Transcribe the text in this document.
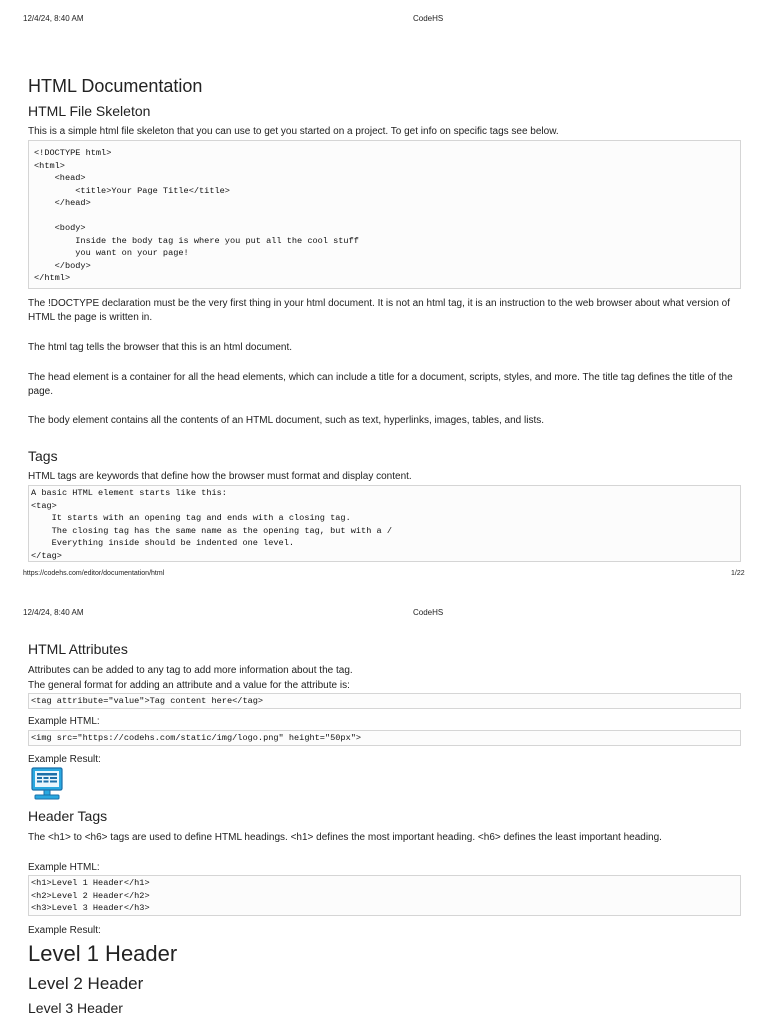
12/4/24, 8:40 AM	CodeHS
HTML Documentation
HTML File Skeleton
This is a simple html file skeleton that you can use to get you started on a project. To get info on specific tags see below.
<!DOCTYPE html>
<html>
<head>
<title>Your Page Title</title>
</head>

<body>
Inside the body tag is where you put all the cool stuff
you want on your page!
</body>
</html>
The !DOCTYPE declaration must be the very first thing in your html document. It is not an html tag, it is an instruction to the web browser about what version of HTML the page is written in.
The html tag tells the browser that this is an html document.
The head element is a container for all the head elements, which can include a title for a document, scripts, styles, and more. The title tag defines the title of the page.
The body element contains all the contents of an HTML document, such as text, hyperlinks, images, tables, and lists.
Tags
HTML tags are keywords that define how the browser must format and display content.
A basic HTML element starts like this:
<tag>
It starts with an opening tag and ends with a closing tag.
The closing tag has the same name as the opening tag, but with a /
Everything inside should be indented one level.
</tag>
https://codehs.com/editor/documentation/html	1/22
12/4/24, 8:40 AM	CodeHS
HTML Attributes
Attributes can be added to any tag to add more information about the tag.
The general format for adding an attribute and a value for the attribute is:
<tag attribute="value">Tag content here</tag>
Example HTML:
<img src="https://codehs.com/static/img/logo.png" height="50px">
Example Result:
Header Tags
The <h1> to <h6> tags are used to define HTML headings. <h1> defines the most important heading. <h6> defines the least important heading.
Example HTML:
<h1>Level 1 Header</h1>
<h2>Level 2 Header</h2>
<h3>Level 3 Header</h3>
Example Result:
Level 1 Header
Level 2 Header
Level 3 Header
